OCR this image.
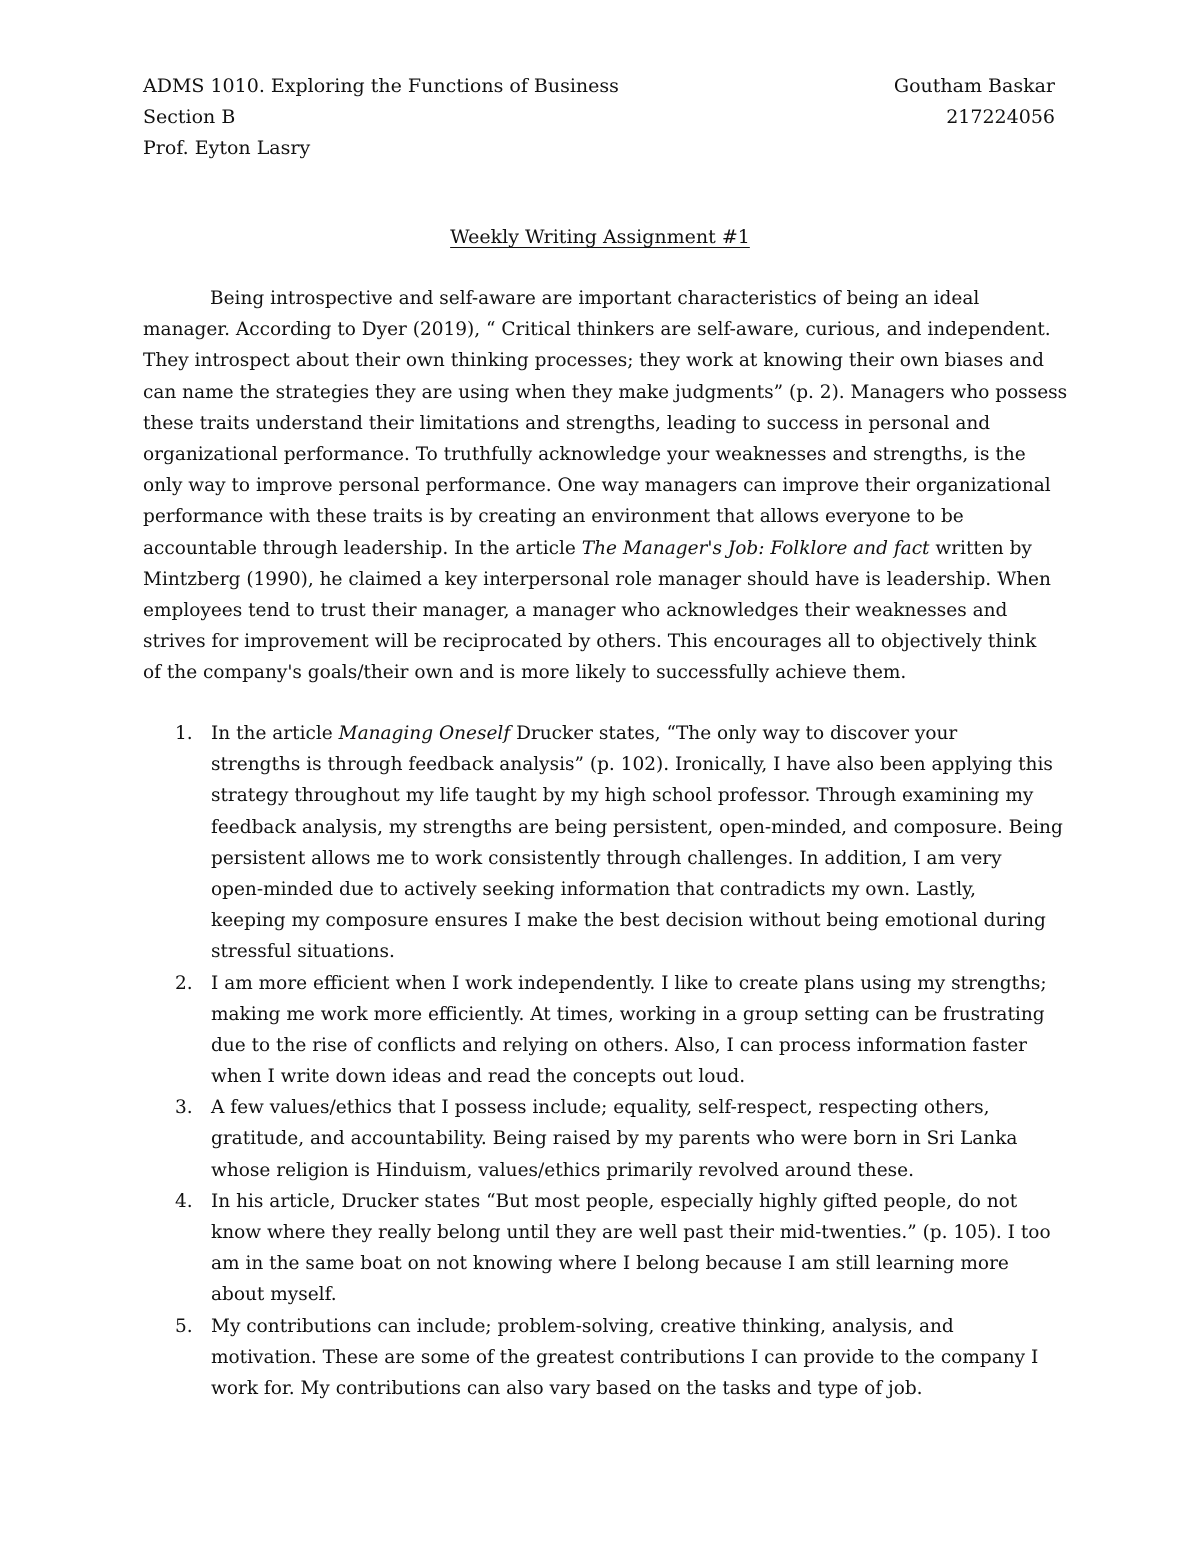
ADMS 1010. Exploring the Functions of Business	Goutham Baskar
Section B	217224056
Prof. Eyton Lasry
Weekly Writing Assignment #1
Being introspective and self-aware are important characteristics of being an ideal
manager. According to Dyer (2019), “ Critical thinkers are self-aware, curious, and independent.
They introspect about their own thinking processes; they work at knowing their own biases and
can name the strategies they are using when they make judgments” (p. 2). Managers who possess
these traits understand their limitations and strengths, leading to success in personal and
organizational performance. To truthfully acknowledge your weaknesses and strengths, is the
only way to improve personal performance. One way managers can improve their organizational
performance with these traits is by creating an environment that allows everyone to be
accountable through leadership. In the article The Manager's Job: Folklore and fact written by
Mintzberg (1990), he claimed a key interpersonal role manager should have is leadership. When
employees tend to trust their manager, a manager who acknowledges their weaknesses and
strives for improvement will be reciprocated by others. This encourages all to objectively think
of the company's goals/their own and is more likely to successfully achieve them.
1. In the article Managing Oneself Drucker states, “The only way to discover your
strengths is through feedback analysis” (p. 102). Ironically, I have also been applying this
strategy throughout my life taught by my high school professor. Through examining my
feedback analysis, my strengths are being persistent, open-minded, and composure. Being
persistent allows me to work consistently through challenges. In addition, I am very
open-minded due to actively seeking information that contradicts my own. Lastly,
keeping my composure ensures I make the best decision without being emotional during
stressful situations.
2. I am more efficient when I work independently. I like to create plans using my strengths;
making me work more efficiently. At times, working in a group setting can be frustrating
due to the rise of conflicts and relying on others. Also, I can process information faster
when I write down ideas and read the concepts out loud.
3. A few values/ethics that I possess include; equality, self-respect, respecting others,
gratitude, and accountability. Being raised by my parents who were born in Sri Lanka
whose religion is Hinduism, values/ethics primarily revolved around these.
4. In his article, Drucker states “But most people, especially highly gifted people, do not
know where they really belong until they are well past their mid-twenties.” (p. 105). I too
am in the same boat on not knowing where I belong because I am still learning more
about myself.
5. My contributions can include; problem-solving, creative thinking, analysis, and
motivation. These are some of the greatest contributions I can provide to the company I
work for. My contributions can also vary based on the tasks and type of job.
